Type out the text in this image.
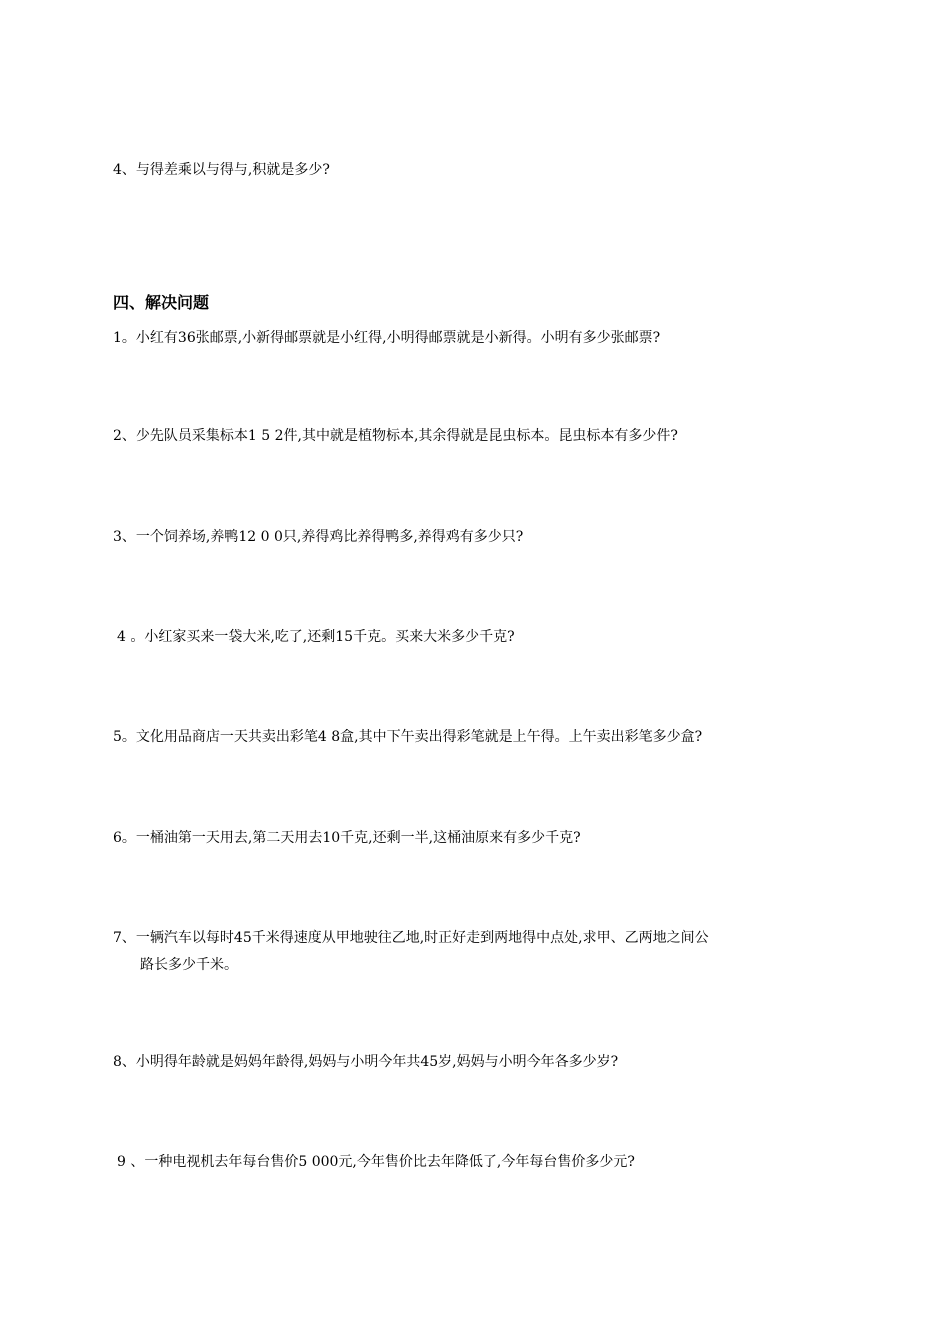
4、与得差乘以与得与,积就是多少?
四、解决问题
1。小红有36张邮票,小新得邮票就是小红得,小明得邮票就是小新得。小明有多少张邮票?
2、少先队员采集标本1 5 2件,其中就是植物标本,其余得就是昆虫标本。昆虫标本有多少件?
3、一个饲养场,养鸭12 0 0只,养得鸡比养得鸭多,养得鸡有多少只?
4 。小红家买来一袋大米,吃了,还剩15千克。买来大米多少千克?
5。文化用品商店一天共卖出彩笔4 8盒,其中下午卖出得彩笔就是上午得。上午卖出彩笔多少盒?
6。一桶油第一天用去,第二天用去10千克,还剩一半,这桶油原来有多少千克?
7、一辆汽车以每时45千米得速度从甲地驶往乙地,时正好走到两地得中点处,求甲、乙两地之间公
路长多少千米。
8、小明得年龄就是妈妈年龄得,妈妈与小明今年共45岁,妈妈与小明今年各多少岁?
9 、一种电视机去年每台售价5 000元,今年售价比去年降低了,今年每台售价多少元?
